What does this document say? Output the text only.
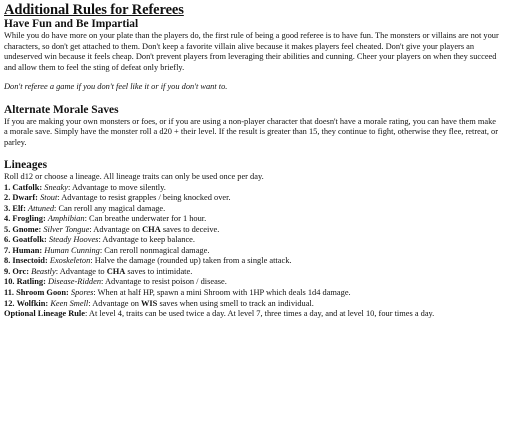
Additional Rules for Referees
Have Fun and Be Impartial

While you do have more on your plate than the players do, the first rule of being a good referee is to have fun. The monsters or villains are not your characters, so don't get attached to them. Don't keep a favorite villain alive because it makes players feel cheated. Don't give your players an undeserved win because it feels cheap. Don't prevent players from leveraging their abilities and cunning. Cheer your players on when they succeed and allow them to feel the sting of defeat only briefly.

Don't referee a game if you don't feel like it or if you don't want to.

Alternate Morale Saves

If you are making your own monsters or foes, or if you are using a non-player character that doesn't have a morale rating, you can have them make a morale save. Simply have the monster roll a d20 + their level. If the result is greater than 15, they continue to fight, otherwise they flee, retreat, or parley.

Lineages

Roll d12 or choose a lineage. All lineage traits can only be used once per day.

1. Catfolk: Sneaky: Advantage to move silently.

2. Dwarf: Stout: Advantage to resist grapples / being knocked over.

3. Elf: Attuned: Can reroll any magical damage.

4. Frogling: Amphibian: Can breathe underwater for 1 hour.

5. Gnome: Silver Tongue: Advantage on CHA saves to deceive.

6. Goatfolk: Steady Hooves: Advantage to keep balance.

7. Human: Human Cunning: Can reroll nonmagical damage.

8. Insectoid: Exoskeleton: Halve the damage (rounded up) taken from a single attack.

9. Orc: Beastly: Advantage to CHA saves to intimidate.

10. Ratling: Disease-Ridden: Advantage to resist poison / disease.

11. Shroom Goon: Spores: When at half HP, spawn a mini Shroom with 1HP which deals 1d4 damage.

12. Wolfkin: Keen Smell: Advantage on WIS saves when using smell to track an individual.

Optional Lineage Rule: At level 4, traits can be used twice a day. At level 7, three times a day, and at level 10, four times a day.
